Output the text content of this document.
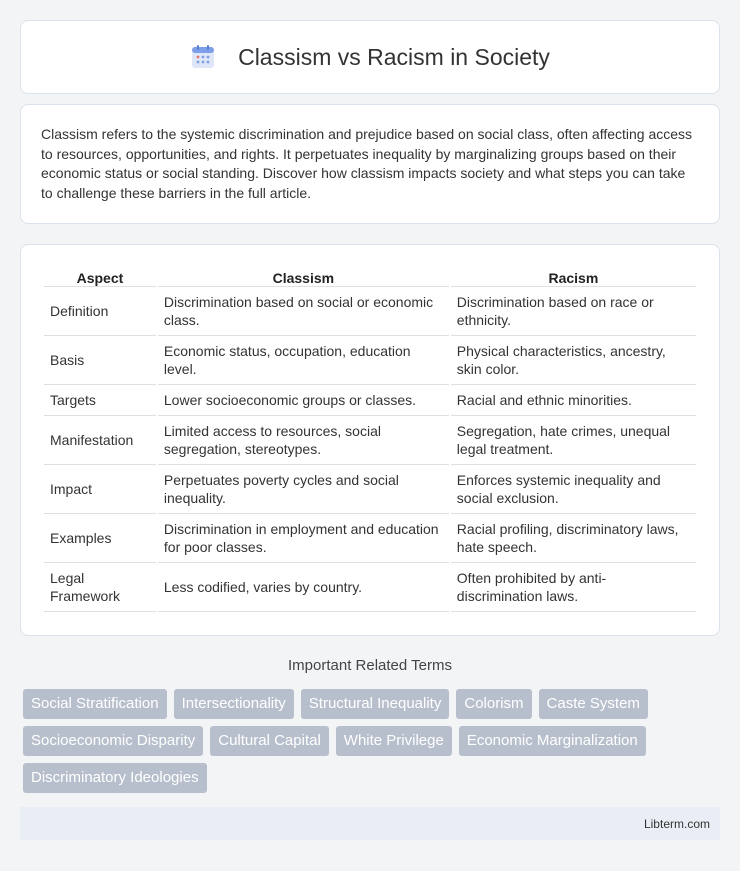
Classism vs Racism in Society

Classism refers to the systemic discrimination and prejudice based on social class, often affecting access to resources, opportunities, and rights. It perpetuates inequality by marginalizing groups based on their economic status or social standing. Discover how classism impacts society and what steps you can take to challenge these barriers in the full article.

Aspect	Classism	Racism
Definition	Discrimination based on social or economic class.	Discrimination based on race or ethnicity.
Basis	Economic status, occupation, education level.	Physical characteristics, ancestry, skin color.
Targets	Lower socioeconomic groups or classes.	Racial and ethnic minorities.
Manifestation	Limited access to resources, social segregation, stereotypes.	Segregation, hate crimes, unequal legal treatment.
Impact	Perpetuates poverty cycles and social inequality.	Enforces systemic inequality and social exclusion.
Examples	Discrimination in employment and education for poor classes.	Racial profiling, discriminatory laws, hate speech.
Legal Framework	Less codified, varies by country.	Often prohibited by anti-discrimination laws.
Important Related Terms
Social Stratification	Intersectionality	Structural Inequality	Colorism	Caste System
Socioeconomic Disparity	Cultural Capital	White Privilege	Economic Marginalization
Discriminatory Ideologies
Libterm.com
